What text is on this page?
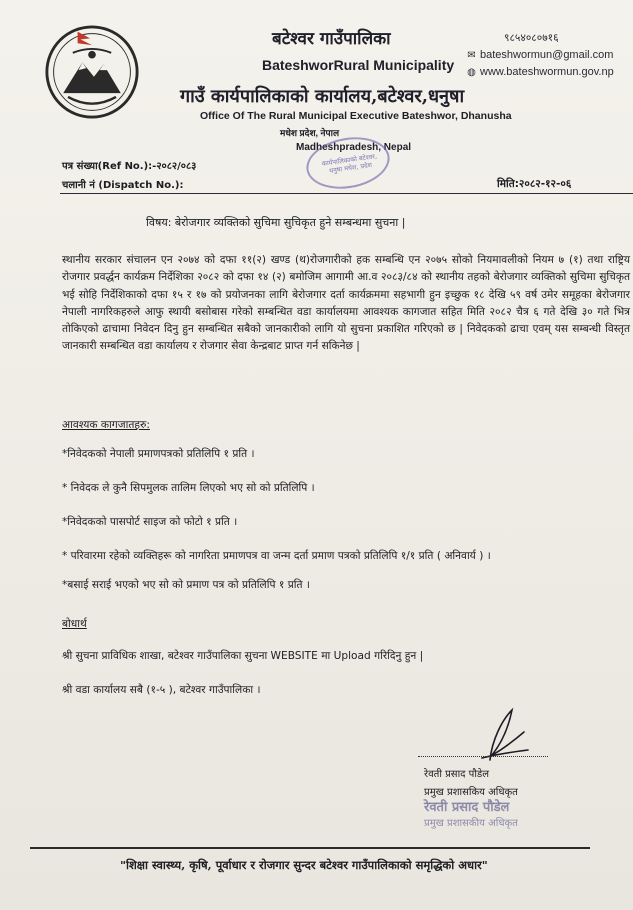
बटेश्वर गाउँपालिका
BateshworRural Municipality
गाउँ कार्यपालिकाको कार्यालय,बटेश्वर,धनुषा
Office Of The Rural Municipal Executive Bateshwor, Dhanusha
मधेश प्रदेश, नेपाल
Madheshpradesh, Nepal
९८५४०८०७१६
✉ bateshwormun@gmail.com
◍ www.bateshwormun.gov.np
कार्यपालिकाको बटेश्वर, धनुषा मधेश, प्रदेश
पत्र संख्या(Ref No.):-२०८२/०८३
चलानी नं (Dispatch No.):	मिति:२०८२-१२-०६
विषय: बेरोजगार व्यक्तिको सुचिमा सुचिकृत हुने सम्बन्धमा सुचना |

स्थानीय सरकार संचालन एन २०७४ को दफा ११(२) खण्ड (थ)रोजगारीको हक सम्बन्धि एन २०७५ सोको नियमावलीको नियम ७ (१) तथा राष्ट्रिय रोजगार प्रवर्द्धन कार्यक्रम निर्देशिका २०८२ को दफा १४ (२) बमोजिम आगामी आ.व २०८३/८४ को स्थानीय तहको बेरोजगार व्यक्तिको सुचिमा सुचिकृत भई सोहि निर्देशिकाको दफा १५ र १७ को प्रयोजनका लागि बेरोजगार दर्ता कार्यक्रममा सहभागी हुन इच्छुक १८ देखि ५९ वर्ष उमेर समूहका बेरोजगार नेपाली नागरिकहरुले आफु स्थायी बसोबास गरेको सम्बन्धित वडा कार्यालयमा आवश्यक कागजात सहित मिति २०८२ चैत्र ६ गते देखि ३० गते भित्र तोकिएको ढाचामा निवेदन दिनु हुन सम्बन्धित सबैको जानकारीको लागि यो सुचना प्रकाशित गरिएको छ | निवेदकको ढाचा एवम् यस सम्बन्धी विस्तृत जानकारी सम्बन्धित वडा कार्यालय र रोजगार सेवा केन्द्रबाट प्राप्त गर्न सकिनेछ |

आवश्यक कागजातहरु:
*निवेदकको नेपाली प्रमाणपत्रको प्रतिलिपि १ प्रति ।
* निवेदक ले कुनै सिपमुलक तालिम लिएको भए सो को प्रतिलिपि ।
*निवेदकको पासपोर्ट साइज को फोटो १ प्रति ।
* परिवारमा रहेको व्यक्तिहरू को नागरिता प्रमाणपत्र वा जन्म दर्ता प्रमाण पत्रको प्रतिलिपि १/१ प्रति ( अनिवार्य ) ।
*बसाई सराई भएको भए सो को प्रमाण पत्र को प्रतिलिपि १ प्रति ।
बोधार्थ
श्री सुचना प्राविधिक शाखा, बटेश्वर गाउँपालिका सुचना WEBSITE मा Upload गरिदिनु हुन |
श्री वडा कार्यालय सबै (१-५ ), बटेश्वर गाउँपालिका ।
रेवती प्रसाद पौडेल
प्रमुख प्रशासकिय अधिकृत
रेवती प्रसाद पौडेल
प्रमुख प्रशासकीय अधिकृत
"शिक्षा स्वास्थ्य, कृषि, पूर्वाधार र रोजगार सुन्दर बटेश्वर गाउँपालिकाको समृद्धिको अधार"
